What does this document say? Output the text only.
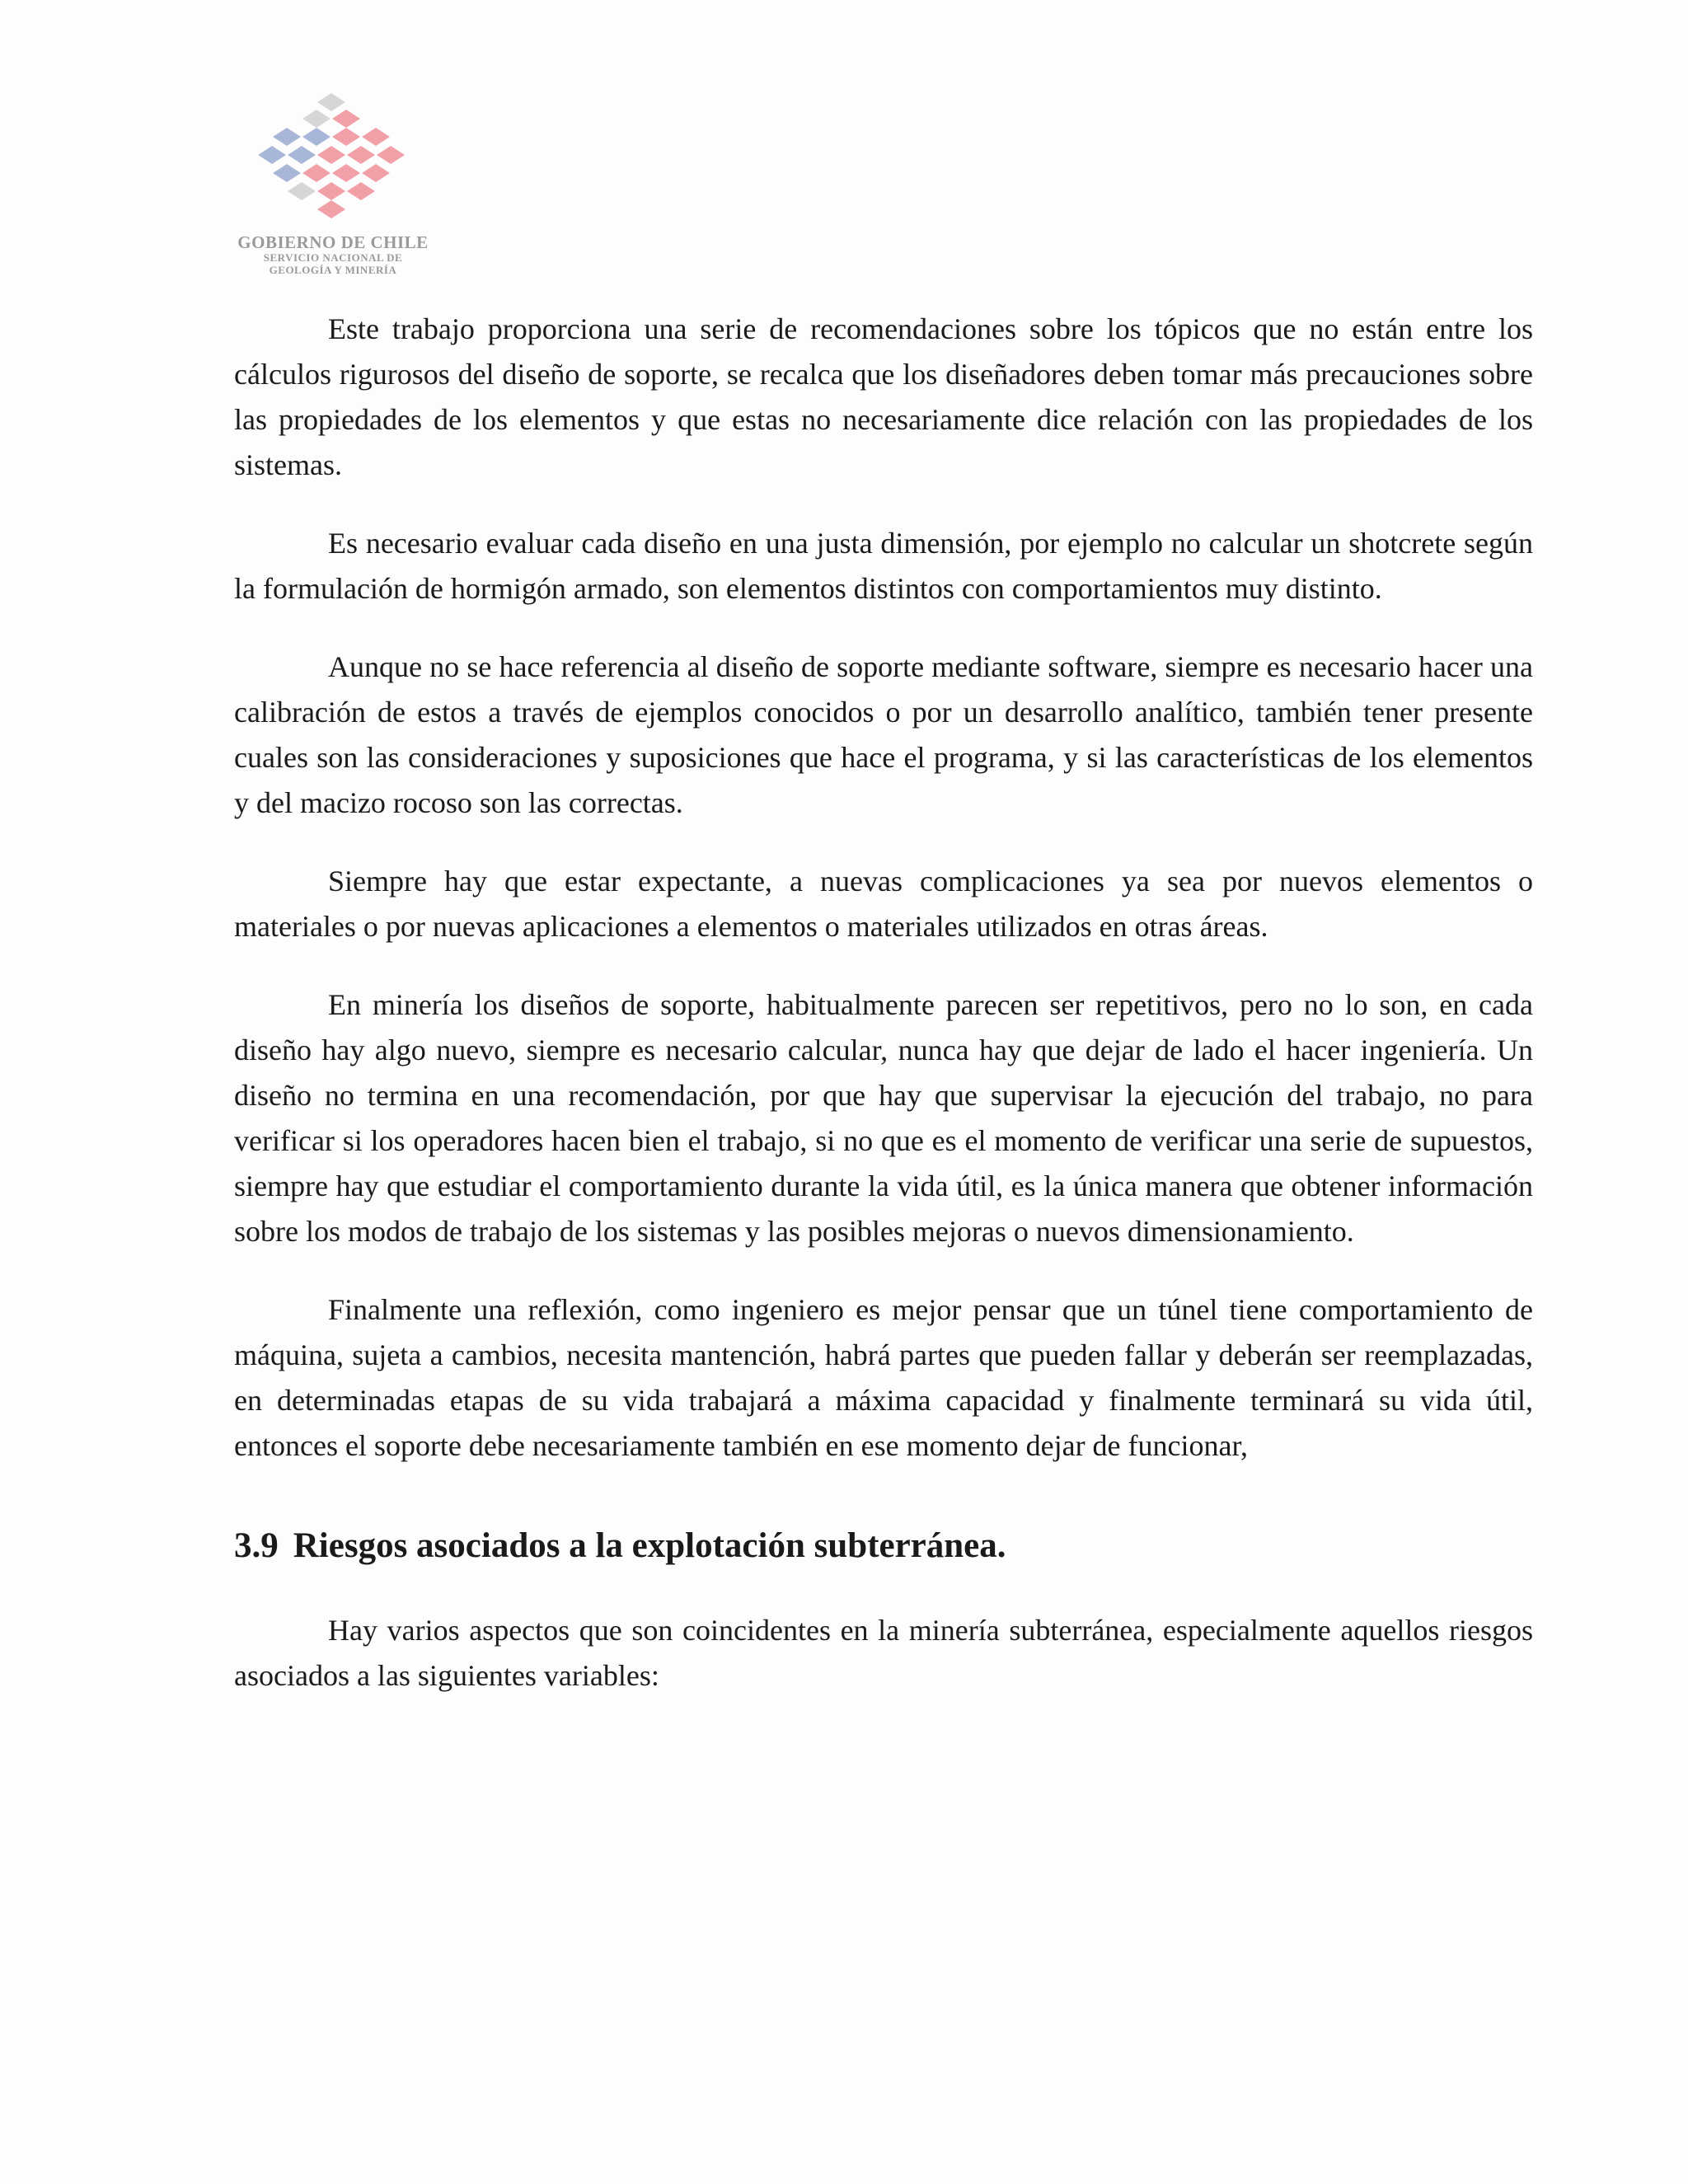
GOBIERNO DE CHILE
SERVICIO NACIONAL DE
GEOLOGÍA Y MINERÍA

Este trabajo proporciona una serie de recomendaciones sobre los tópicos que no están entre los cálculos rigurosos del diseño de soporte, se recalca que los diseñadores deben tomar más precauciones sobre las propiedades de los elementos y que estas no necesariamente dice relación con las propiedades de los sistemas.

Es necesario evaluar cada diseño en una justa dimensión, por ejemplo no calcular un shotcrete según la formulación de hormigón armado, son elementos distintos con comportamientos muy distinto.

Aunque no se hace referencia al diseño de soporte mediante software, siempre es necesario hacer una calibración de estos a través de ejemplos conocidos o por un desarrollo analítico, también tener presente cuales son las consideraciones y suposiciones que hace el programa, y si las características de los elementos y del macizo rocoso son las correctas.

Siempre hay que estar expectante, a nuevas complicaciones ya sea por nuevos elementos o materiales o por nuevas aplicaciones a elementos o materiales utilizados en otras áreas.

En minería los diseños de soporte, habitualmente parecen ser repetitivos, pero no lo son, en cada diseño hay algo nuevo, siempre es necesario calcular, nunca hay que dejar de lado el hacer ingeniería. Un diseño no termina en una recomendación, por que hay que supervisar la ejecución del trabajo, no para verificar si los operadores hacen bien el trabajo, si no que es el momento de verificar una serie de supuestos, siempre hay que estudiar el comportamiento durante la vida útil, es la única manera que obtener información sobre los modos de trabajo de los sistemas y las posibles mejoras o nuevos dimensionamiento.

Finalmente una reflexión, como ingeniero es mejor pensar que un túnel tiene comportamiento de máquina, sujeta a cambios, necesita mantención, habrá partes que pueden fallar y deberán ser reemplazadas, en determinadas etapas de su vida trabajará a máxima capacidad y finalmente terminará su vida útil, entonces el soporte debe necesariamente también en ese momento dejar de funcionar,

3.9 Riesgos asociados a la explotación subterránea.

Hay varios aspectos que son coincidentes en la minería subterránea, especialmente aquellos riesgos asociados a las siguientes variables:
